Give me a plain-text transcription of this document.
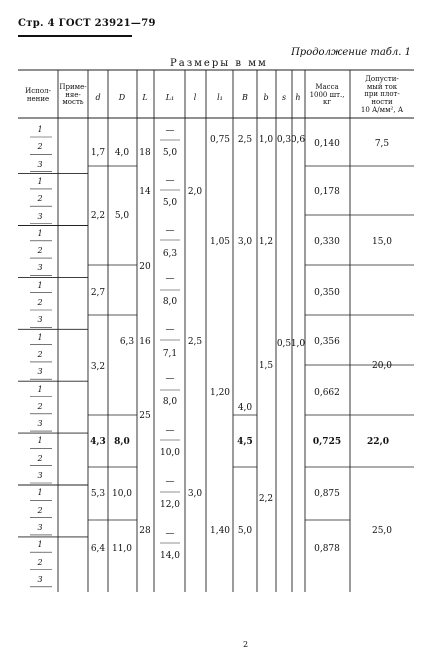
Стр. 4 ГОСТ 23921—79
Продолжение табл. 1
Размеры в мм
Испол-
нение
Приме-
няе-
мость
d D L L₁ l	l₁ B b s h
Масса
1000 шт.,
кг
Допусти-
мый ток
при плот-
ности
10 А/мм², А
1,7
2,2
2,7
3,2
4,3
5,3
6,4
4,0
5,0
6,3
8,0
10,0
11,0
18
14
20
16
25
28
—
5,0
—
5,0
—
6,3
—
8,0
—
7,1
—
8,0
—
10,0
—
12,0
—
14,0
2,0
2,5
3,0
0,75
1,05
1,20
1,40
2,5
3,0
4,0
4,5
5,0
1,0
1,2
1,5
2,2
0,3
0,5
0,6
1,0
0,140
0,178
0,330
0,350
0,356
0,662
0,725
0,875
0,878
7,5
15,0
20,0
22,0
25,0
1
2
3
1
2
3
1
2
3
1
2
3
1
2
3
1
2
3
1
2
3
1
2
3
1
2
3
2
